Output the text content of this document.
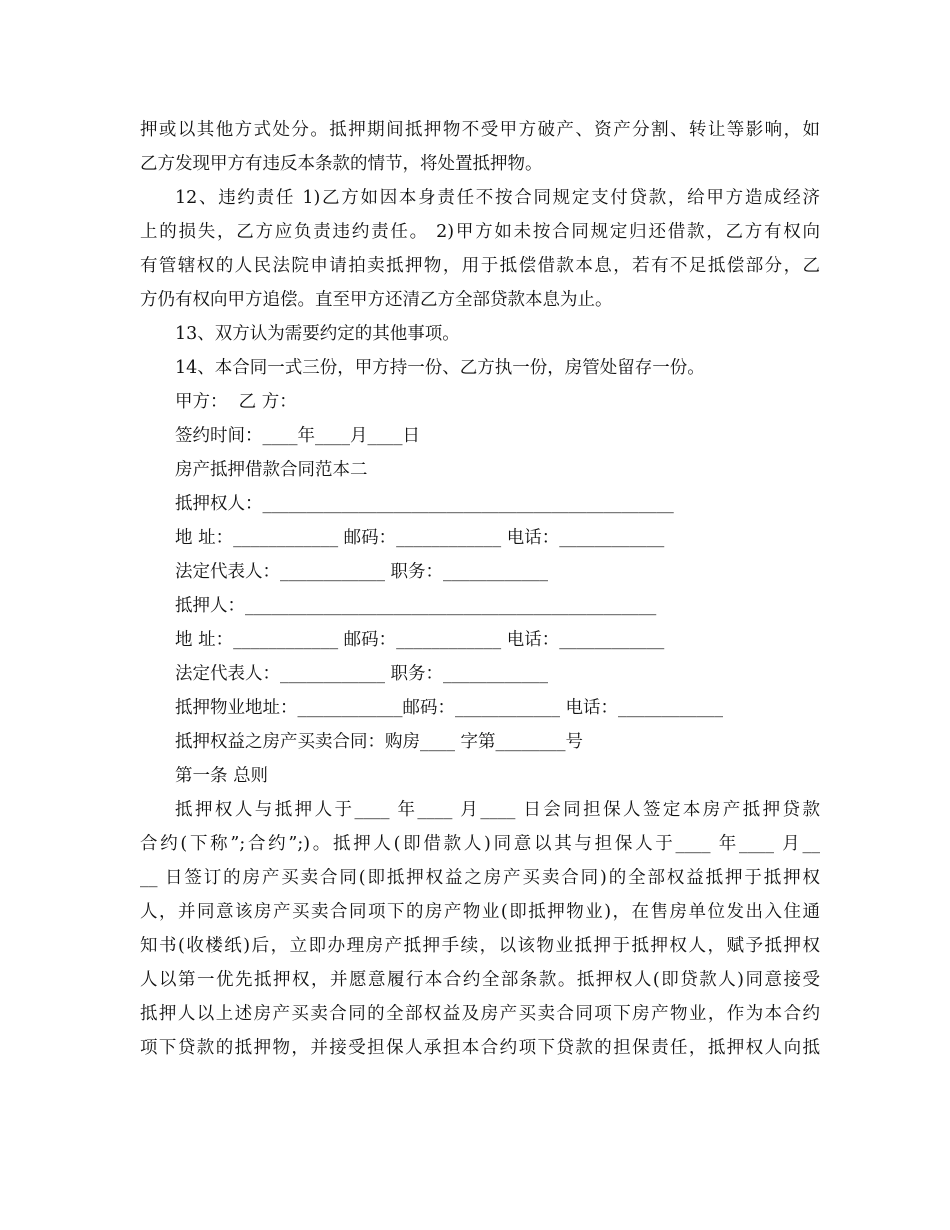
押或以其他方式处分。抵押期间抵押物不受甲方破产、资产分割、转让等影响，如
乙方发现甲方有违反本条款的情节，将处置抵押物。
12、违约责任 1)乙方如因本身责任不按合同规定支付贷款，给甲方造成经济
上的损失，乙方应负责违约责任。 2)甲方如未按合同规定归还借款，乙方有权向
有管辖权的人民法院申请拍卖抵押物，用于抵偿借款本息，若有不足抵偿部分，乙
方仍有权向甲方追偿。直至甲方还清乙方全部贷款本息为止。
13、双方认为需要约定的其他事项。
14、本合同一式三份，甲方持一份、乙方执一份，房管处留存一份。
甲方：  乙 方：
签约时间：____年____月____日
房产抵押借款合同范本二
抵押权人：_______________________________________________
地 址：____________ 邮码：____________ 电话：____________
法定代表人：____________ 职务：____________
抵押人：_______________________________________________
地 址：____________ 邮码：____________ 电话：____________
法定代表人：____________ 职务：____________
抵押物业地址：____________邮码：____________ 电话：____________
抵押权益之房产买卖合同：购房____ 字第________号
第一条 总则
抵押权人与抵押人于____ 年____ 月____ 日会同担保人签定本房产抵押贷款
合约(下称”;合约”;)。抵押人(即借款人)同意以其与担保人于____ 年____ 月__
__ 日签订的房产买卖合同(即抵押权益之房产买卖合同)的全部权益抵押于抵押权
人，并同意该房产买卖合同项下的房产物业(即抵押物业)，在售房单位发出入住通
知书(收楼纸)后，立即办理房产抵押手续，以该物业抵押于抵押权人，赋予抵押权
人以第一优先抵押权，并愿意履行本合约全部条款。抵押权人(即贷款人)同意接受
抵押人以上述房产买卖合同的全部权益及房产买卖合同项下房产物业，作为本合约
项下贷款的抵押物，并接受担保人承担本合约项下贷款的担保责任，抵押权人向抵
